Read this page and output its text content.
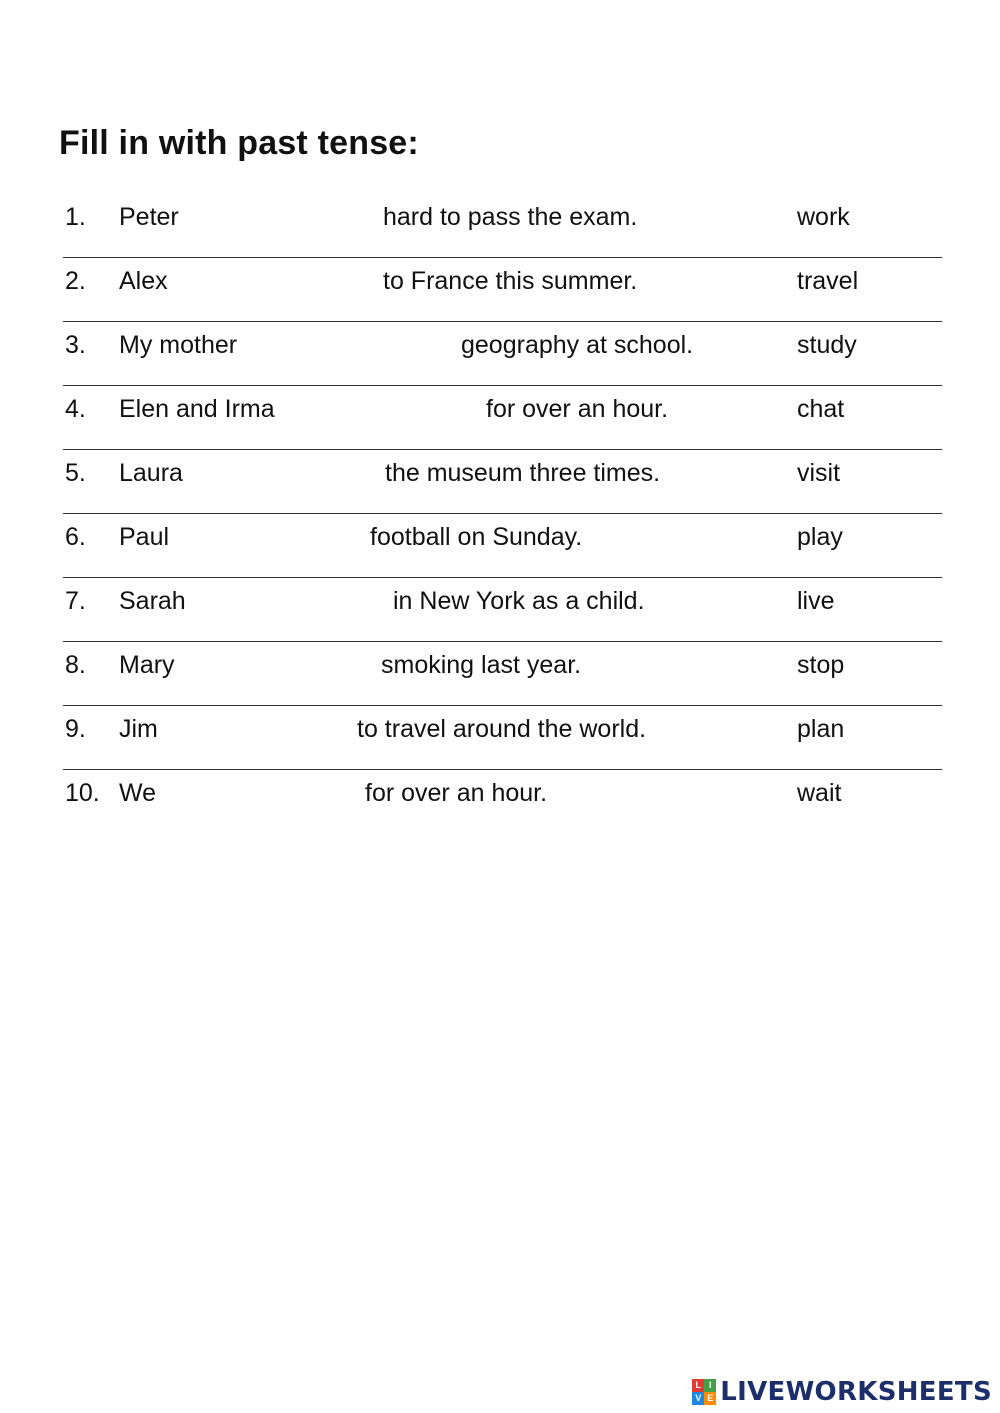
Fill in with past tense:
1. Peter	hard to pass the exam.	work
2. Alex	to France this summer.	travel
3. My mother	geography at school.	study
4. Elen and Irma	for over an hour.	chat
5. Laura	the museum three times.	visit
6. Paul	football on Sunday.	play
7. Sarah	in New York as a child.	live
8. Mary	smoking last year.	stop
9. Jim	to travel around the world.	plan
10. We	for over an hour.	wait
L I
V E LIVEWORKSHEETS
